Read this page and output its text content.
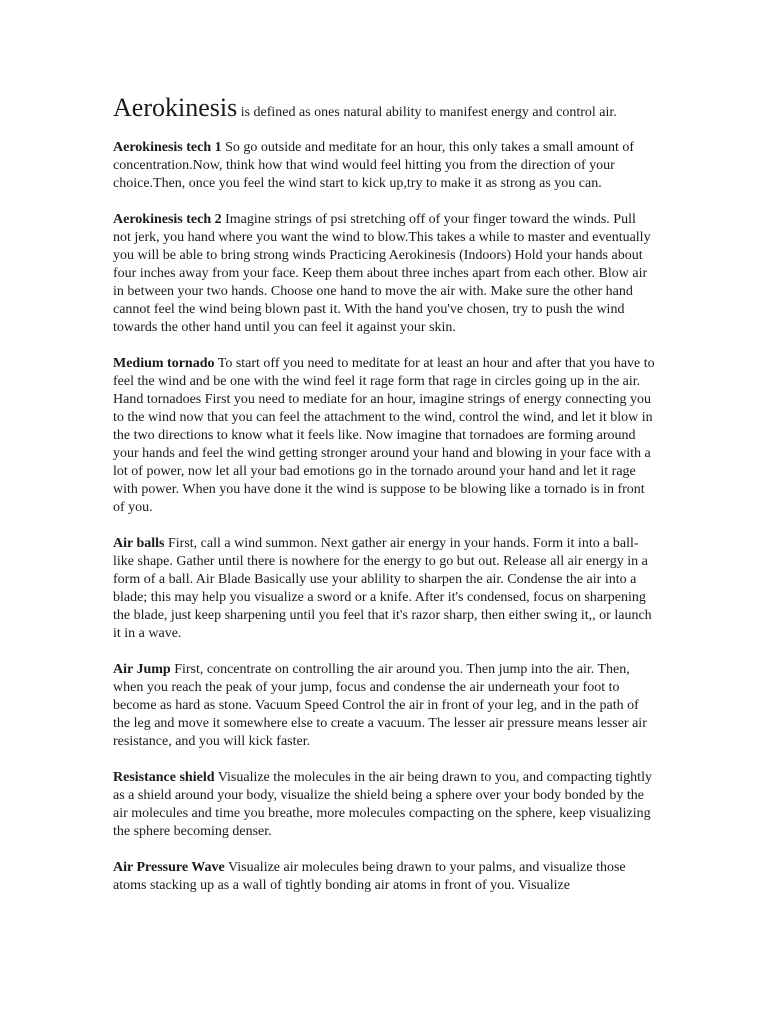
Aerokinesis is defined as ones natural ability to manifest energy and control air.

Aerokinesis tech 1 So go outside and meditate for an hour, this only takes a small amount of concentration.Now, think how that wind would feel hitting you from the direction of your choice.Then, once you feel the wind start to kick up,try to make it as strong as you can.

Aerokinesis tech 2 Imagine strings of psi stretching off of your finger toward the winds. Pull not jerk, you hand where you want the wind to blow.This takes a while to master and eventually you will be able to bring strong winds Practicing Aerokinesis (Indoors) Hold your hands about four inches away from your face. Keep them about three inches apart from each other. Blow air in between your two hands. Choose one hand to move the air with. Make sure the other hand cannot feel the wind being blown past it. With the hand you've chosen, try to push the wind towards the other hand until you can feel it against your skin.

Medium tornado To start off you need to meditate for at least an hour and after that you have to feel the wind and be one with the wind feel it rage form that rage in circles going up in the air. Hand tornadoes First you need to mediate for an hour, imagine strings of energy connecting you to the wind now that you can feel the attachment to the wind, control the wind, and let it blow in the two directions to know what it feels like. Now imagine that tornadoes are forming around your hands and feel the wind getting stronger around your hand and blowing in your face with a lot of power, now let all your bad emotions go in the tornado around your hand and let it rage with power. When you have done it the wind is suppose to be blowing like a tornado is in front of you.

Air balls First, call a wind summon. Next gather air energy in your hands. Form it into a ball-like shape. Gather until there is nowhere for the energy to go but out. Release all air energy in a form of a ball. Air Blade Basically use your ablility to sharpen the air. Condense the air into a blade; this may help you visualize a sword or a knife. After it's condensed, focus on sharpening the blade, just keep sharpening until you feel that it's razor sharp, then either swing it,, or launch it in a wave.

Air Jump First, concentrate on controlling the air around you. Then jump into the air. Then, when you reach the peak of your jump, focus and condense the air underneath your foot to become as hard as stone. Vacuum Speed Control the air in front of your leg, and in the path of the leg and move it somewhere else to create a vacuum. The lesser air pressure means lesser air resistance, and you will kick faster.

Resistance shield Visualize the molecules in the air being drawn to you, and compacting tightly as a shield around your body, visualize the shield being a sphere over your body bonded by the air molecules and time you breathe, more molecules compacting on the sphere, keep visualizing the sphere becoming denser.

Air Pressure Wave Visualize air molecules being drawn to your palms, and visualize those atoms stacking up as a wall of tightly bonding air atoms in front of you. Visualize
